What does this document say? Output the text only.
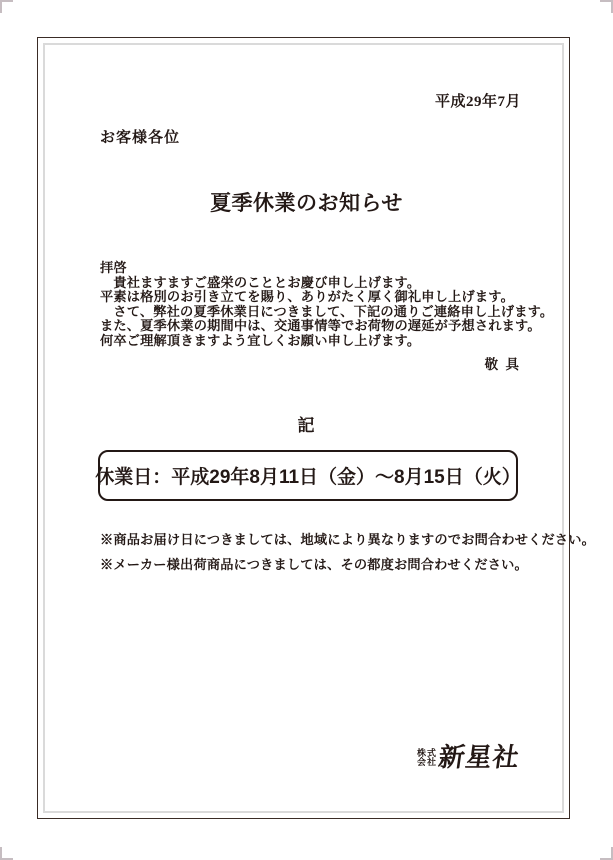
平成29年7月
お客様各位
夏季休業のお知らせ
拝啓
　貴社ますますご盛栄のこととお慶び申し上げます。
平素は格別のお引き立てを賜り、ありがたく厚く御礼申し上げます。
　さて、弊社の夏季休業日につきまして、下記の通りご連絡申し上げます。
また、夏季休業の期間中は、交通事情等でお荷物の遅延が予想されます。
何卒ご理解頂きますよう宜しくお願い申し上げます。
敬 具
記
休業日：平成29年8月11日（金）～8月15日（火）
※商品お届け日につきましては、地域により異なりますのでお問合わせください。
※メーカー様出荷商品につきましては、その都度お問合わせください。
株式
会社 新星社
